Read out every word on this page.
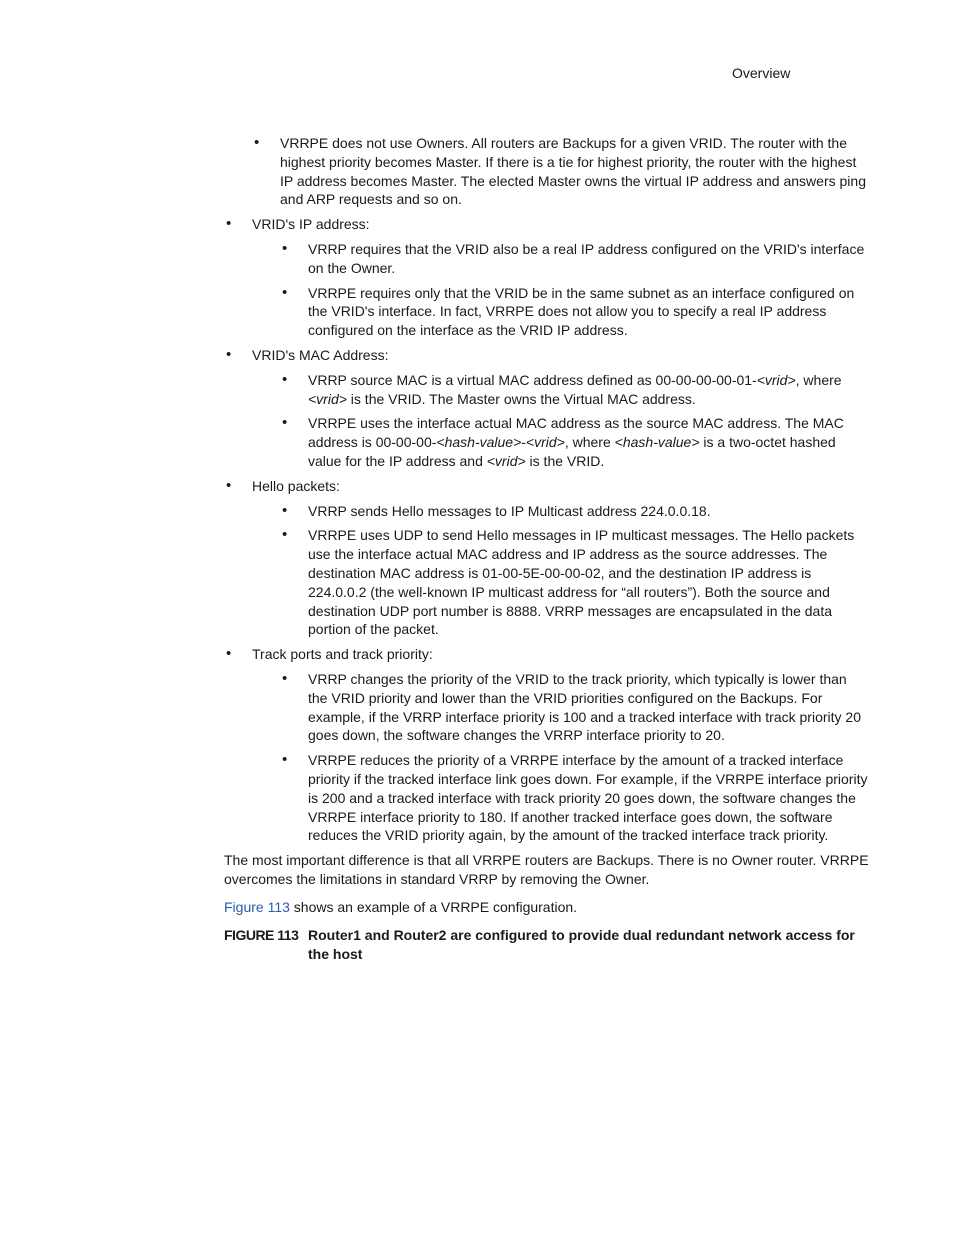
Overview
• VRRPE does not use Owners. All routers are Backups for a given VRID. The router with the highest priority becomes Master. If there is a tie for highest priority, the router with the highest IP address becomes Master. The elected Master owns the virtual IP address and answers ping and ARP requests and so on.
• VRID's IP address:
• VRRP requires that the VRID also be a real IP address configured on the VRID's interface on the Owner.
• VRRPE requires only that the VRID be in the same subnet as an interface configured on the VRID's interface. In fact, VRRPE does not allow you to specify a real IP address configured on the interface as the VRID IP address.
• VRID's MAC Address:
• VRRP source MAC is a virtual MAC address defined as 00-00-00-00-01-<vrid>, where <vrid> is the VRID. The Master owns the Virtual MAC address.
• VRRPE uses the interface actual MAC address as the source MAC address. The MAC address is 00-00-00-<hash-value>-<vrid>, where <hash-value> is a two-octet hashed value for the IP address and <vrid> is the VRID.
• Hello packets:
• VRRP sends Hello messages to IP Multicast address 224.0.0.18.
• VRRPE uses UDP to send Hello messages in IP multicast messages. The Hello packets use the interface actual MAC address and IP address as the source addresses. The destination MAC address is 01-00-5E-00-00-02, and the destination IP address is 224.0.0.2 (the well-known IP multicast address for “all routers”). Both the source and destination UDP port number is 8888. VRRP messages are encapsulated in the data portion of the packet.
• Track ports and track priority:
• VRRP changes the priority of the VRID to the track priority, which typically is lower than the VRID priority and lower than the VRID priorities configured on the Backups. For example, if the VRRP interface priority is 100 and a tracked interface with track priority 20 goes down, the software changes the VRRP interface priority to 20.
• VRRPE reduces the priority of a VRRPE interface by the amount of a tracked interface priority if the tracked interface link goes down. For example, if the VRRPE interface priority is 200 and a tracked interface with track priority 20 goes down, the software changes the VRRPE interface priority to 180. If another tracked interface goes down, the software reduces the VRID priority again, by the amount of the tracked interface track priority.

The most important difference is that all VRRPE routers are Backups. There is no Owner router. VRRPE overcomes the limitations in standard VRRP by removing the Owner.

Figure 113 shows an example of a VRRPE configuration.

FIGURE 113 Router1 and Router2 are configured to provide dual redundant network access for the host
